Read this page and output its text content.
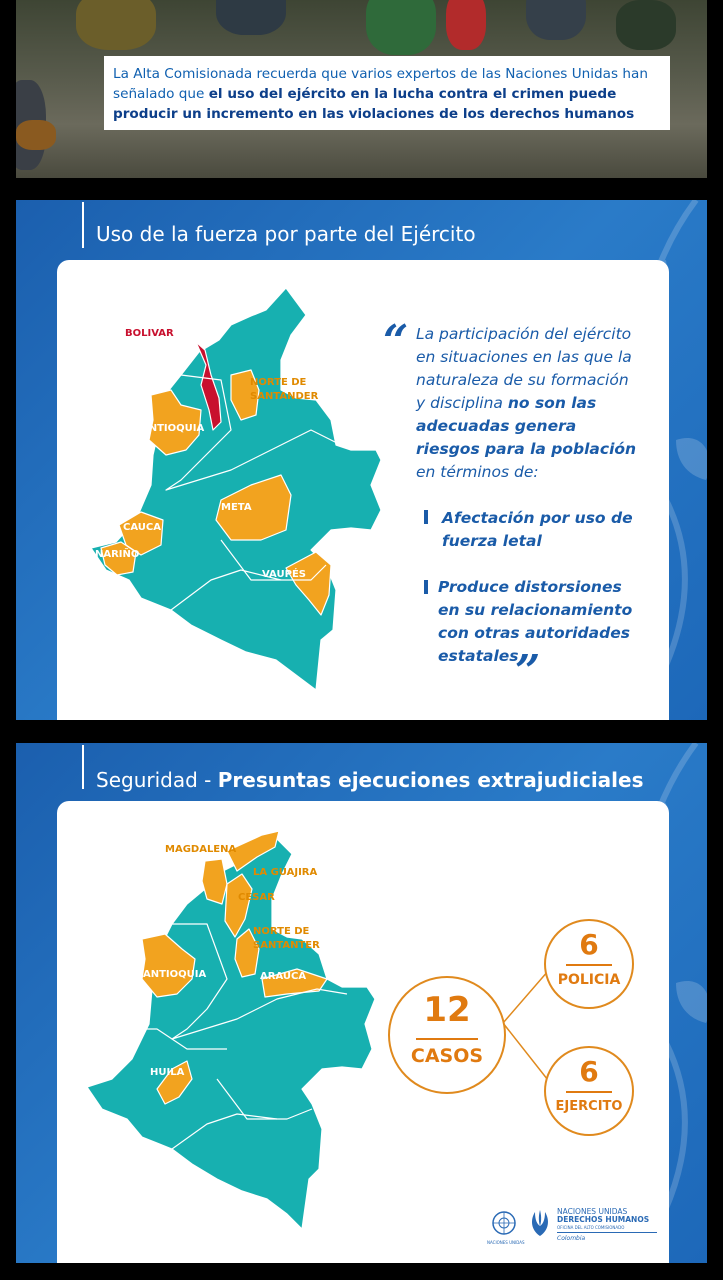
La Alta Comisionada recuerda que varios expertos de las Naciones Unidas han señalado que el uso del ejército en la lucha contra el crimen puede producir un incremento en las violaciones de los derechos humanos
Uso de la fuerza por parte del Ejército
BOLIVAR
NORTE DE
SANTANDER
ANTIOQUIA
META
CAUCA
NARIÑO
VAUPÉS
“ La participación del ejército en situaciones en las que la naturaleza de su formación y disciplina no son las adecuadas genera riesgos para la población en términos de:
Afectación por uso de fuerza letal
Produce distorsiones en su relacionamiento con otras autoridades estatales
”
Seguridad - Presuntas ejecuciones extrajudiciales
MAGDALENA
LA GUAJIRA
CESAR
NORTE DE
SANTANTER
ANTIOQUIA	ARAUCA
HUILA
12
CASOS
6
POLICIA
6
EJERCITO
NACIONES UNIDAS
NACIONES UNIDAS
DERECHOS HUMANOS
OFICINA DEL ALTO COMISIONADO
Colombia
